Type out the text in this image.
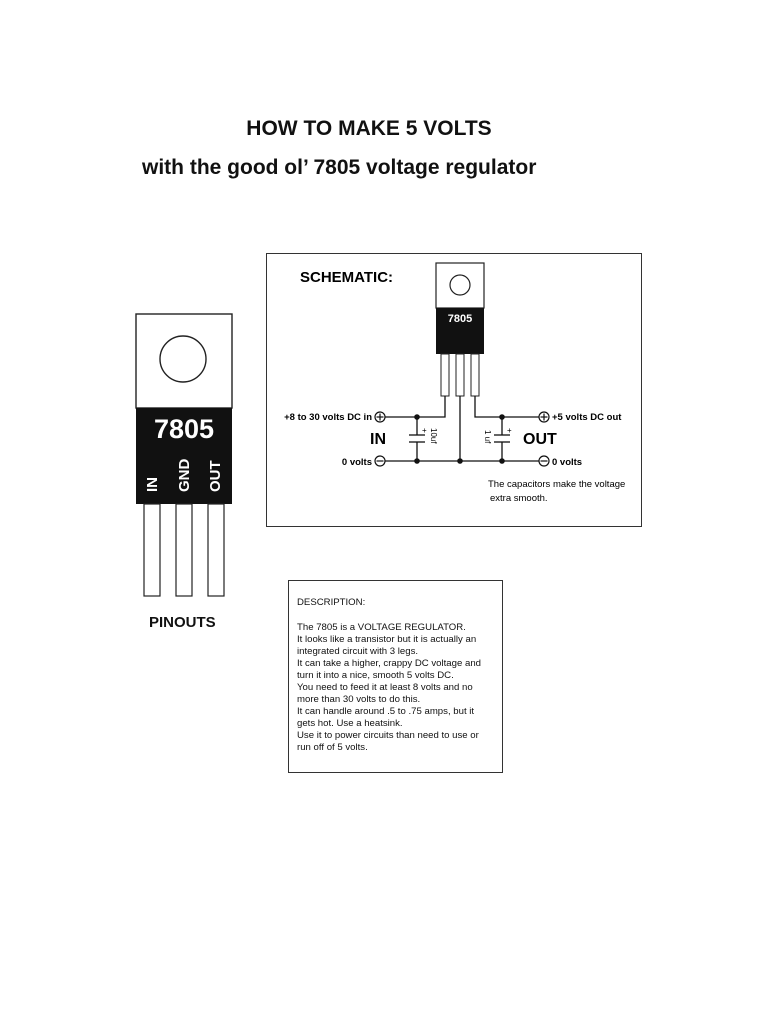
HOW TO MAKE 5 VOLTS
with the good ol’ 7805 voltage regulator
7805
IN GND OUT
PINOUTS
SCHEMATIC:
7805
+8 to 30 volts DC in
0 volts
+5 volts DC out
0 volts
IN	OUT
+	+
10uf	1 uf
The capacitors make the voltage
extra smooth.
DESCRIPTION:
The 7805 is a VOLTAGE REGULATOR.
It looks like a transistor but it is actually an
integrated circuit with 3 legs.
It can take a higher, crappy DC voltage and
turn it into a nice, smooth 5 volts DC.
You need to feed it at least 8 volts and no
more than 30 volts to do this.
It can handle around .5 to .75 amps, but it
gets hot. Use a heatsink.
Use it to power circuits than need to use or
run off of 5 volts.
